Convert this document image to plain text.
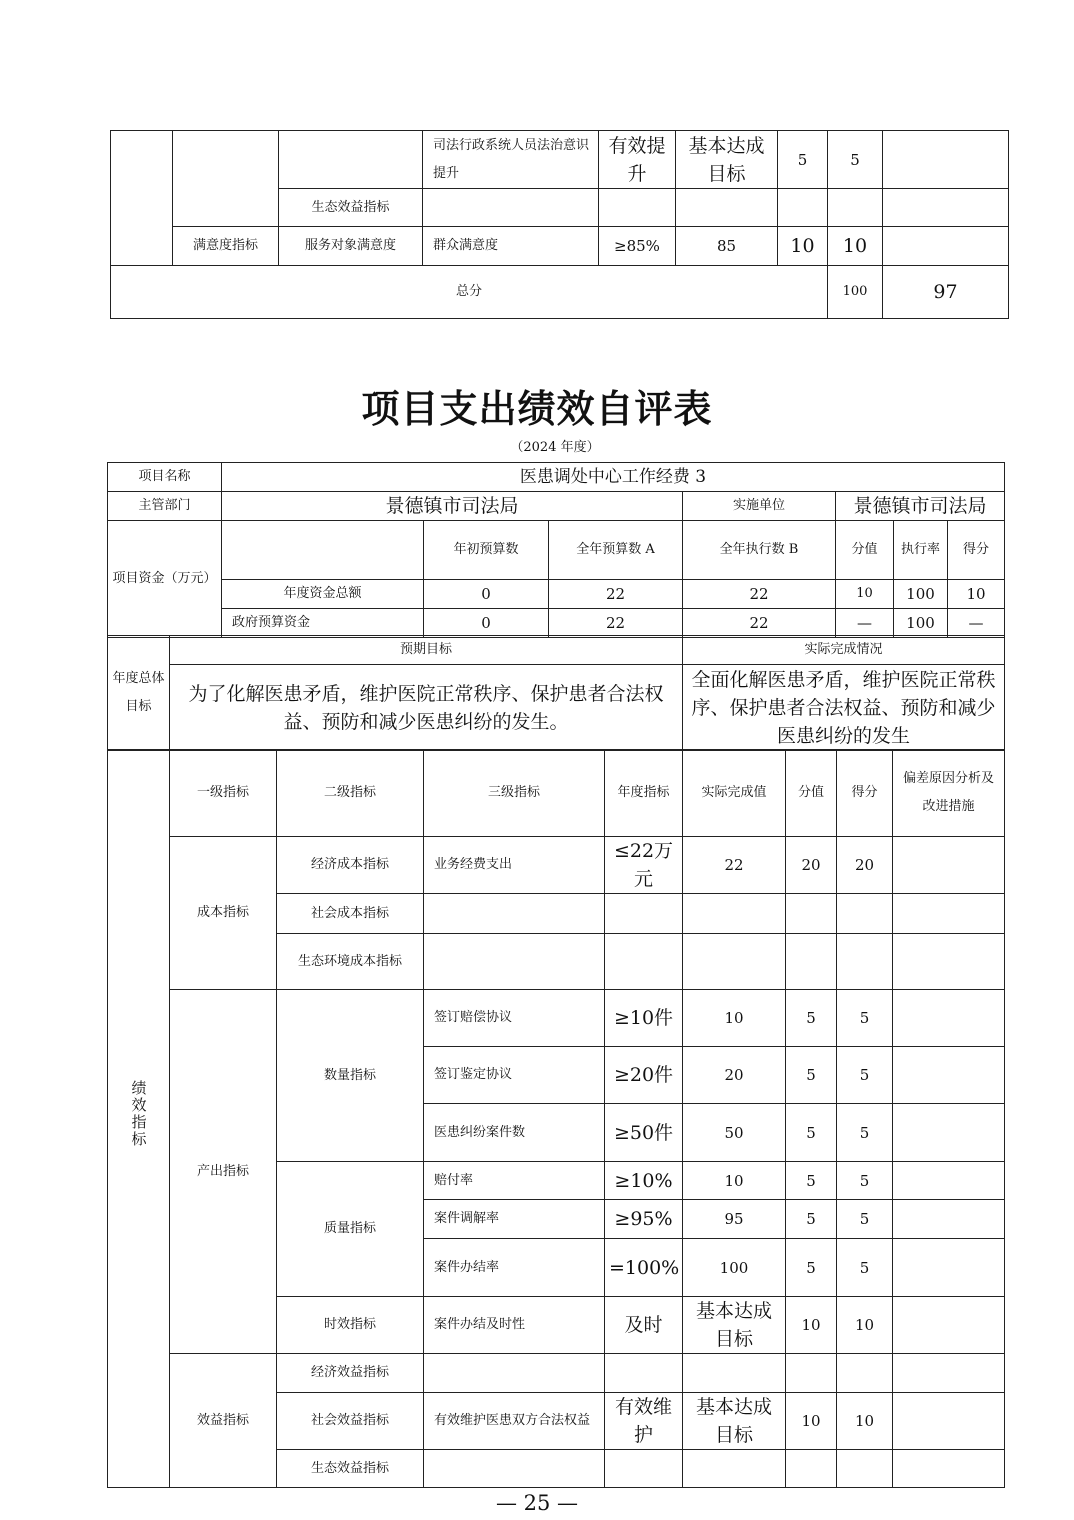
			司法行政系统人员法治意识提升	有效提升	基本达成目标	5	5		
		生态效益指标							
	满意度指标	服务对象满意度	群众满意度	≥85%	85	10	10		
总分							100	97	
项目支出绩效自评表
（2024 年度）
项目名称	医患调处中心工作经费 3						
主管部门	景德镇市司法局			实施单位	景德镇市司法局		
项目资金（万元）		年初预算数	全年预算数 A	全年执行数 B	分值	执行率	得分
	年度资金总额	0	22	22	10	100	10
	政府预算资金	0	22	22	—	100	—
年度总体目标	预期目标	实际完成情况
	为了化解医患矛盾，维护医院正常秩序、保护患者合法权益、预防和减少医患纠纷的发生。	全面化解医患矛盾，维护医院正常秩序、保护患者合法权益、预防和减少医患纠纷的发生
绩效指标	一级指标	二级指标	三级指标	年度指标	实际完成值	分值	得分	偏差原因分析及改进措施
	成本指标	经济成本指标	业务经费支出	≤22万元	22	20	20	
		社会成本指标						
		生态环境成本指标						
	产出指标	数量指标	签订赔偿协议	≥10件	10	5	5	
			签订鉴定协议	≥20件	20	5	5	
			医患纠纷案件数	≥50件	50	5	5	
		质量指标	赔付率	≥10%	10	5	5	
			案件调解率	≥95%	95	5	5	
			案件办结率	=100%	100	5	5	
		时效指标	案件办结及时性	及时	基本达成目标	10	10	
	效益指标	经济效益指标						
		社会效益指标	有效维护医患双方合法权益	有效维护	基本达成目标	10	10	
		生态效益指标						
— 25 —
